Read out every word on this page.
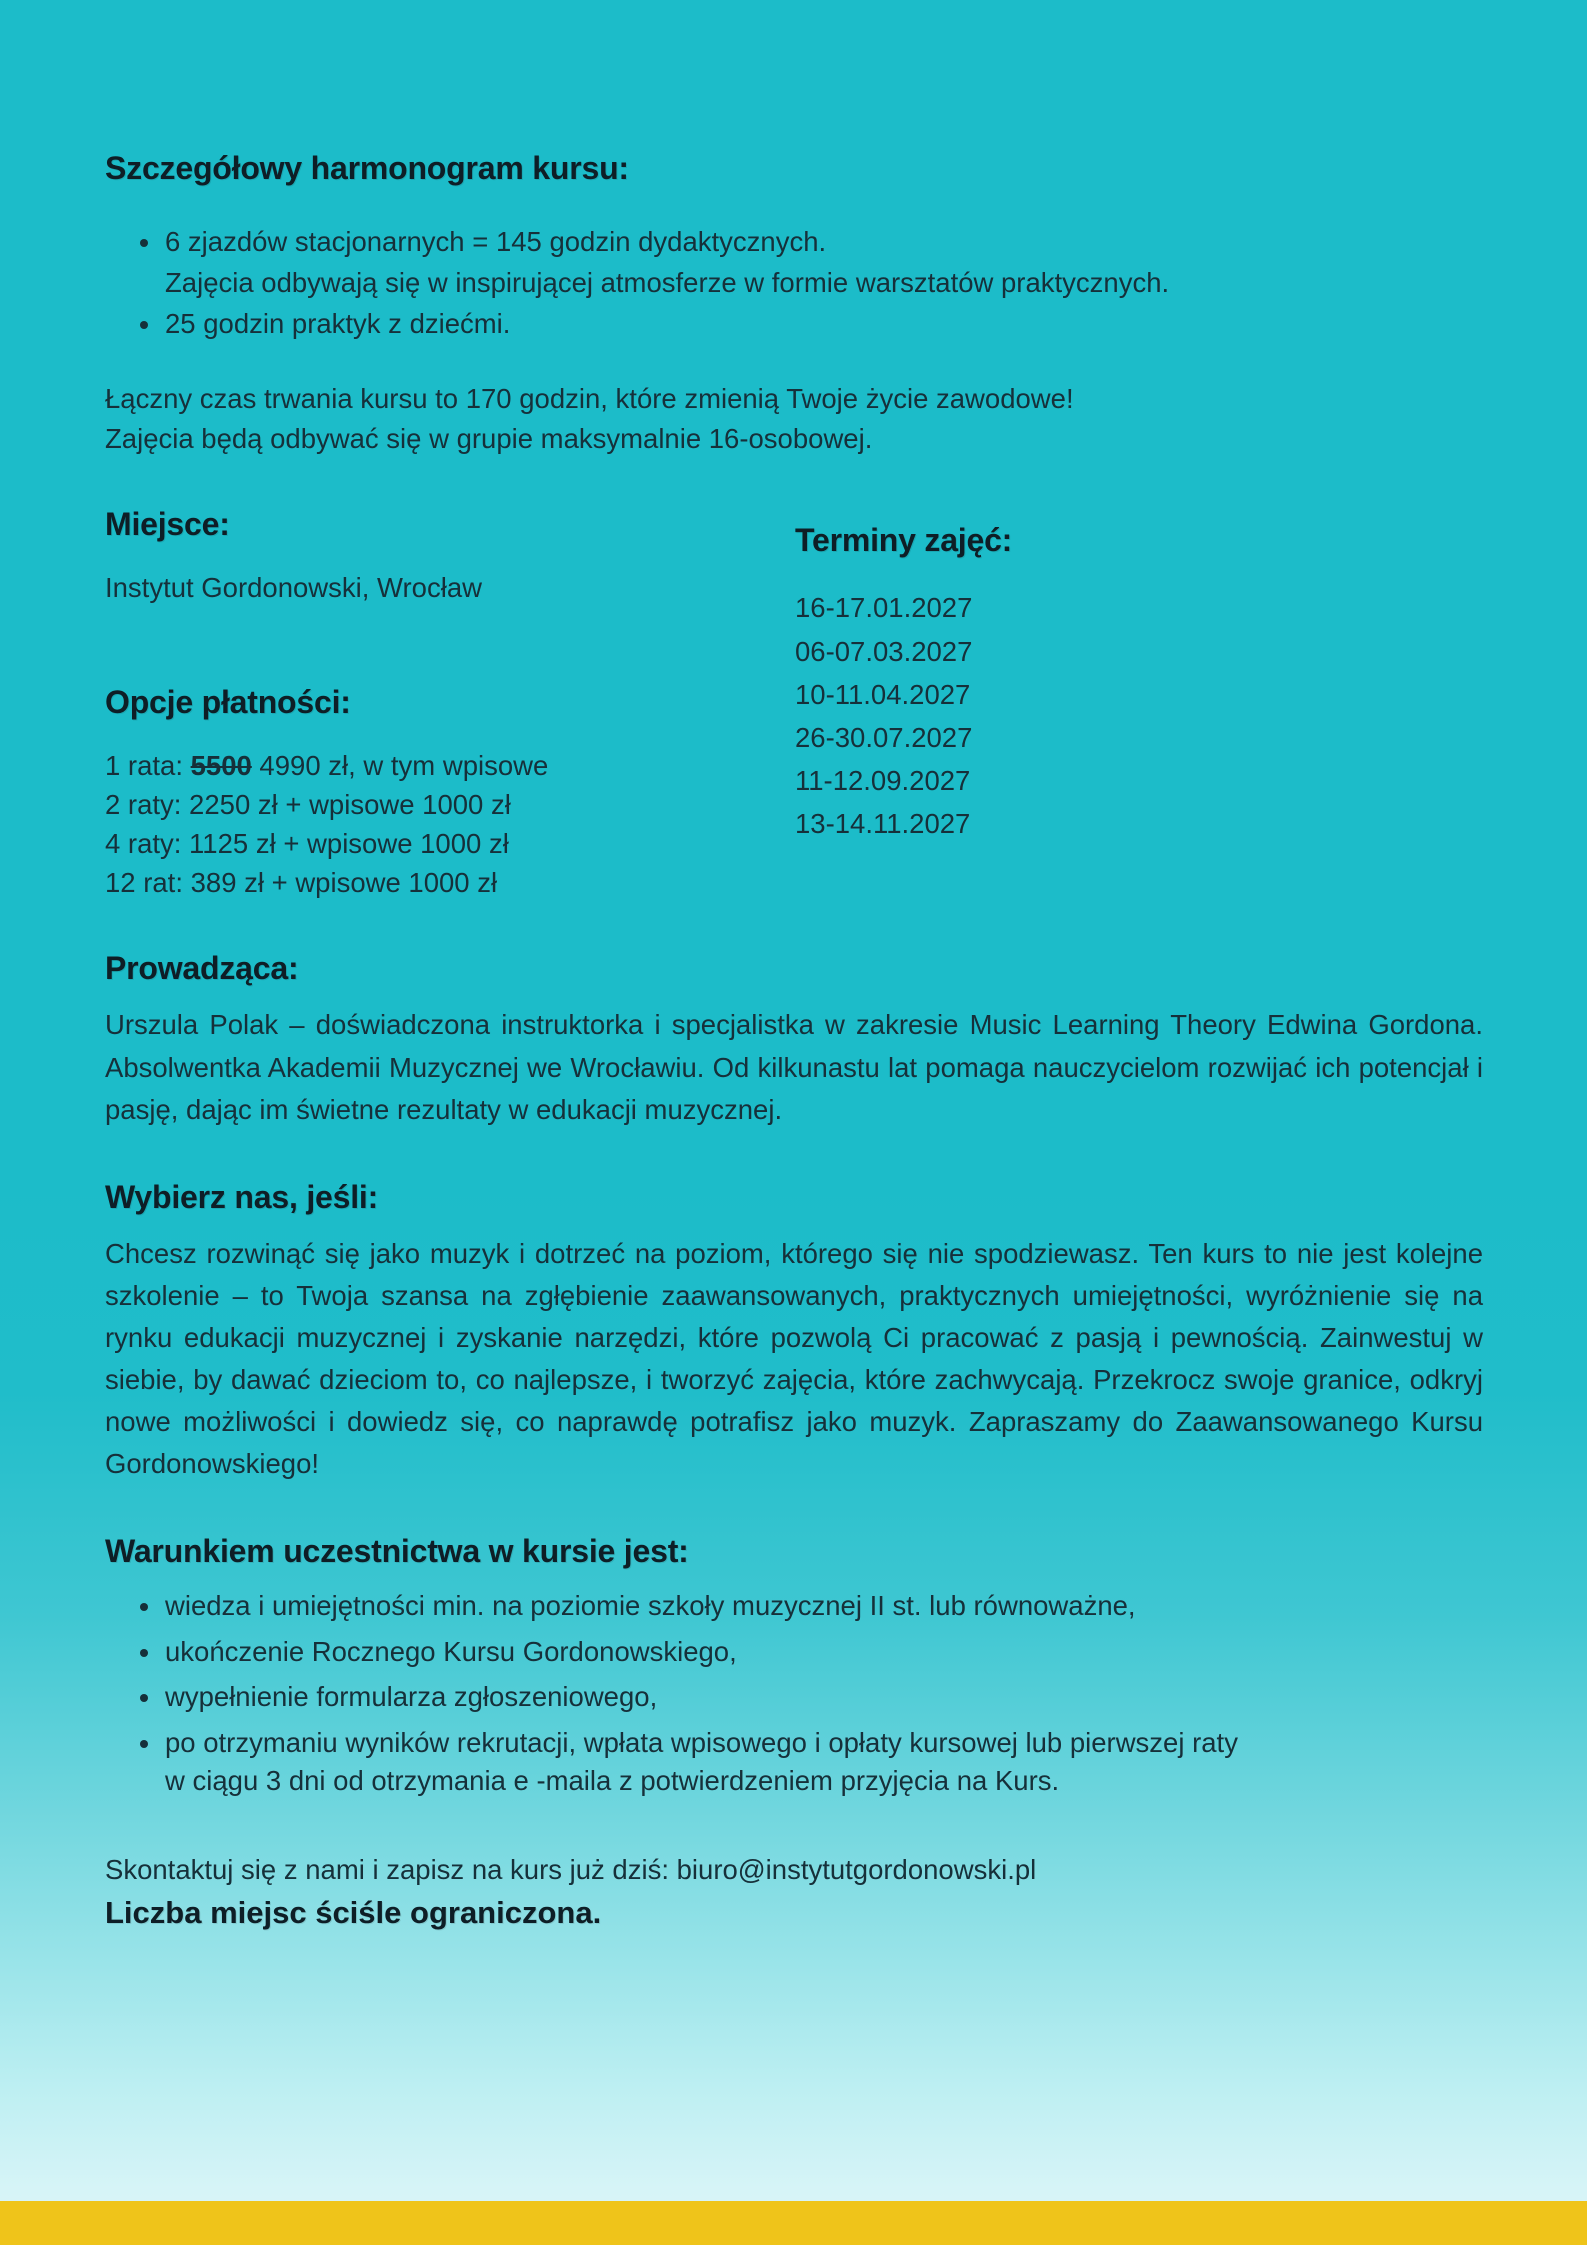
Szczegółowy harmonogram kursu:
6 zjazdów stacjonarnych = 145 godzin dydaktycznych.
Zajęcia odbywają się w inspirującej atmosferze w formie warsztatów praktycznych.
25 godzin praktyk z dziećmi.
Łączny czas trwania kursu to 170 godzin, które zmienią Twoje życie zawodowe!
Zajęcia będą odbywać się w grupie maksymalnie 16-osobowej.
Miejsce:
Instytut Gordonowski, Wrocław
Opcje płatności:
1 rata: 5500 4990 zł, w tym wpisowe
2 raty: 2250 zł + wpisowe 1000 zł
4 raty: 1125 zł + wpisowe 1000 zł
12 rat: 389 zł + wpisowe 1000 zł
Terminy zajęć:
16-17.01.2027
06-07.03.2027
10-11.04.2027
26-30.07.2027
11-12.09.2027
13-14.11.2027
Prowadząca:
Urszula Polak – doświadczona instruktorka i specjalistka w zakresie Music Learning Theory Edwina Gordona. Absolwentka Akademii Muzycznej we Wrocławiu. Od kilkunastu lat pomaga nauczycielom rozwijać ich potencjał i pasję, dając im świetne rezultaty w edukacji muzycznej.
Wybierz nas, jeśli:
Chcesz rozwinąć się jako muzyk i dotrzeć na poziom, którego się nie spodziewasz. Ten kurs to nie jest kolejne szkolenie – to Twoja szansa na zgłębienie zaawansowanych, praktycznych umiejętności, wyróżnienie się na rynku edukacji muzycznej i zyskanie narzędzi, które pozwolą Ci pracować z pasją i pewnością. Zainwestuj w siebie, by dawać dzieciom to, co najlepsze, i tworzyć zajęcia, które zachwycają. Przekrocz swoje granice, odkryj nowe możliwości i dowiedz się, co naprawdę potrafisz jako muzyk. Zapraszamy do Zaawansowanego Kursu Gordonowskiego!
Warunkiem uczestnictwa w kursie jest:
wiedza i umiejętności min. na poziomie szkoły muzycznej II st. lub równoważne,
ukończenie Rocznego Kursu Gordonowskiego,
wypełnienie formularza zgłoszeniowego,
po otrzymaniu wyników rekrutacji, wpłata wpisowego i opłaty kursowej lub pierwszej raty
w ciągu 3 dni od otrzymania e -maila z potwierdzeniem przyjęcia na Kurs.
Skontaktuj się z nami i zapisz na kurs już dziś: biuro@instytutgordonowski.pl
Liczba miejsc ściśle ograniczona.
